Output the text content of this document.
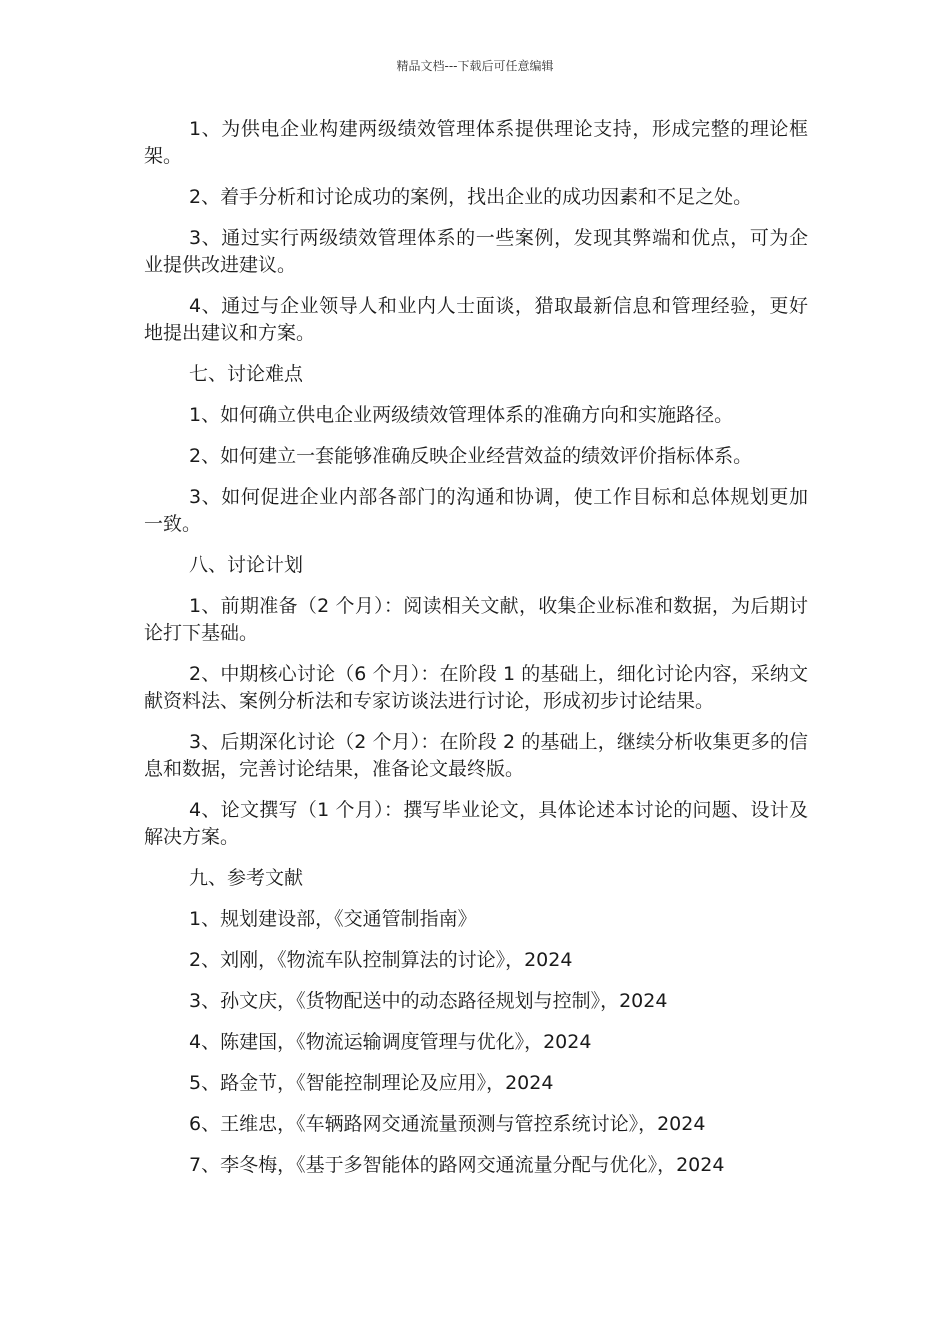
精品文档---下载后可任意编辑

1、为供电企业构建两级绩效管理体系提供理论支持，形成完整的理论框架。

2、着手分析和讨论成功的案例，找出企业的成功因素和不足之处。

3、通过实行两级绩效管理体系的一些案例，发现其弊端和优点，可为企业提供改进建议。

4、通过与企业领导人和业内人士面谈，猎取最新信息和管理经验，更好地提出建议和方案。

七、讨论难点

1、如何确立供电企业两级绩效管理体系的准确方向和实施路径。

2、如何建立一套能够准确反映企业经营效益的绩效评价指标体系。

3、如何促进企业内部各部门的沟通和协调，使工作目标和总体规划更加一致。

八、讨论计划

1、前期准备（2 个月）：阅读相关文献，收集企业标准和数据，为后期讨论打下基础。

2、中期核心讨论（6 个月）：在阶段 1 的基础上，细化讨论内容，采纳文献资料法、案例分析法和专家访谈法进行讨论，形成初步讨论结果。

3、后期深化讨论（2 个月）：在阶段 2 的基础上，继续分析收集更多的信息和数据，完善讨论结果，准备论文最终版。

4、论文撰写（1 个月）：撰写毕业论文，具体论述本讨论的问题、设计及解决方案。

九、参考文献

1、规划建设部，《交通管制指南》

2、刘刚，《物流车队控制算法的讨论》，2024

3、孙文庆，《货物配送中的动态路径规划与控制》，2024

4、陈建国，《物流运输调度管理与优化》，2024

5、路金节，《智能控制理论及应用》，2024

6、王维忠，《车辆路网交通流量预测与管控系统讨论》，2024

7、李冬梅，《基于多智能体的路网交通流量分配与优化》，2024
